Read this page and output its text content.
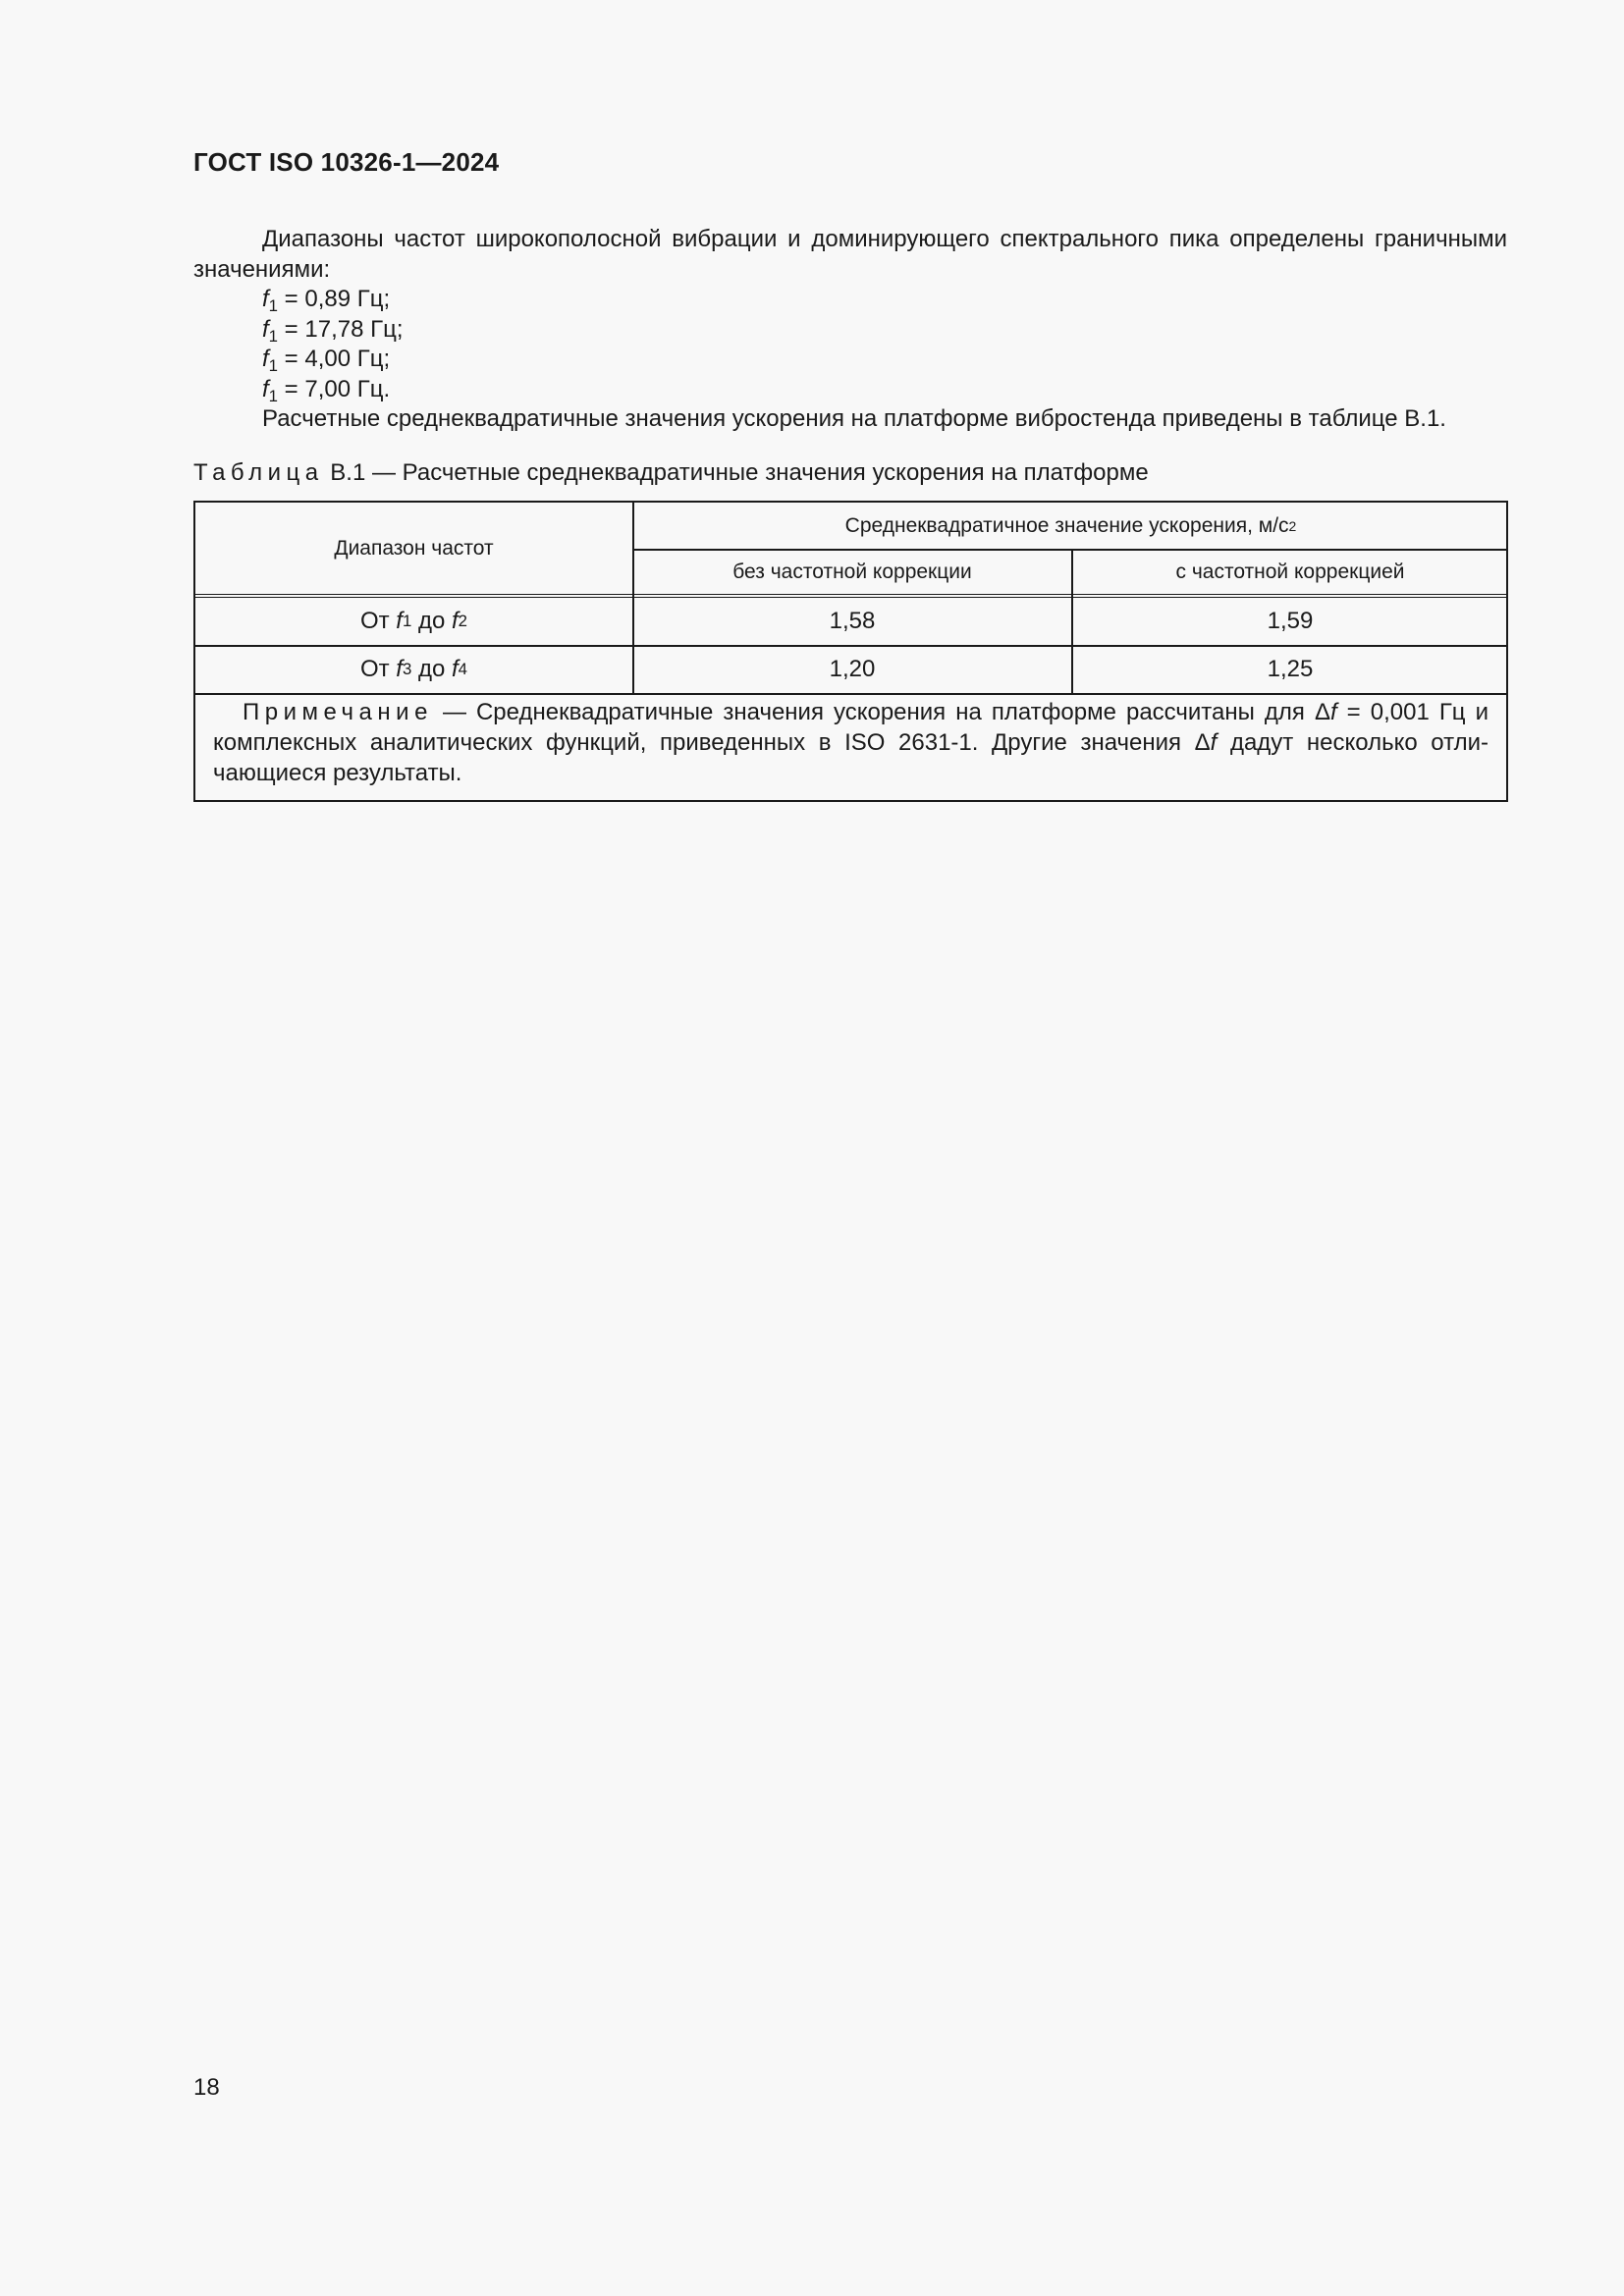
ГОСТ ISO 10326-1—2024

Диапазоны частот широкополосной вибрации и доминирующего спектрального пика определены граничными значениями:

$f_1 = 0,89$ Гц;

$f_1 = 17,78$ Гц;

$f_1 = 4,00$ Гц;

$f_1 = 7,00$ Гц.

Расчетные среднеквадратичные значения ускорения на платформе вибростенда приведены в таблице В.1.

Таблица В.1 — Расчетные среднеквадратичные значения ускорения на платформе
Диапазон частот
Среднеквадратичное значение ускорения, м/с 2
без частотной коррекции	с частотной коррекцией
От f 1 до f 2	1,58	1,59
От f 3 до f 4	1,20	1,25
Примечание — Среднеквадратичные значения ускорения на платформе рассчитаны для Δf = 0,001 Гц и комплексных аналитических функций, приведенных в ISO 2631-1. Другие значения Δf дадут несколько отличающиеся результаты.
18
